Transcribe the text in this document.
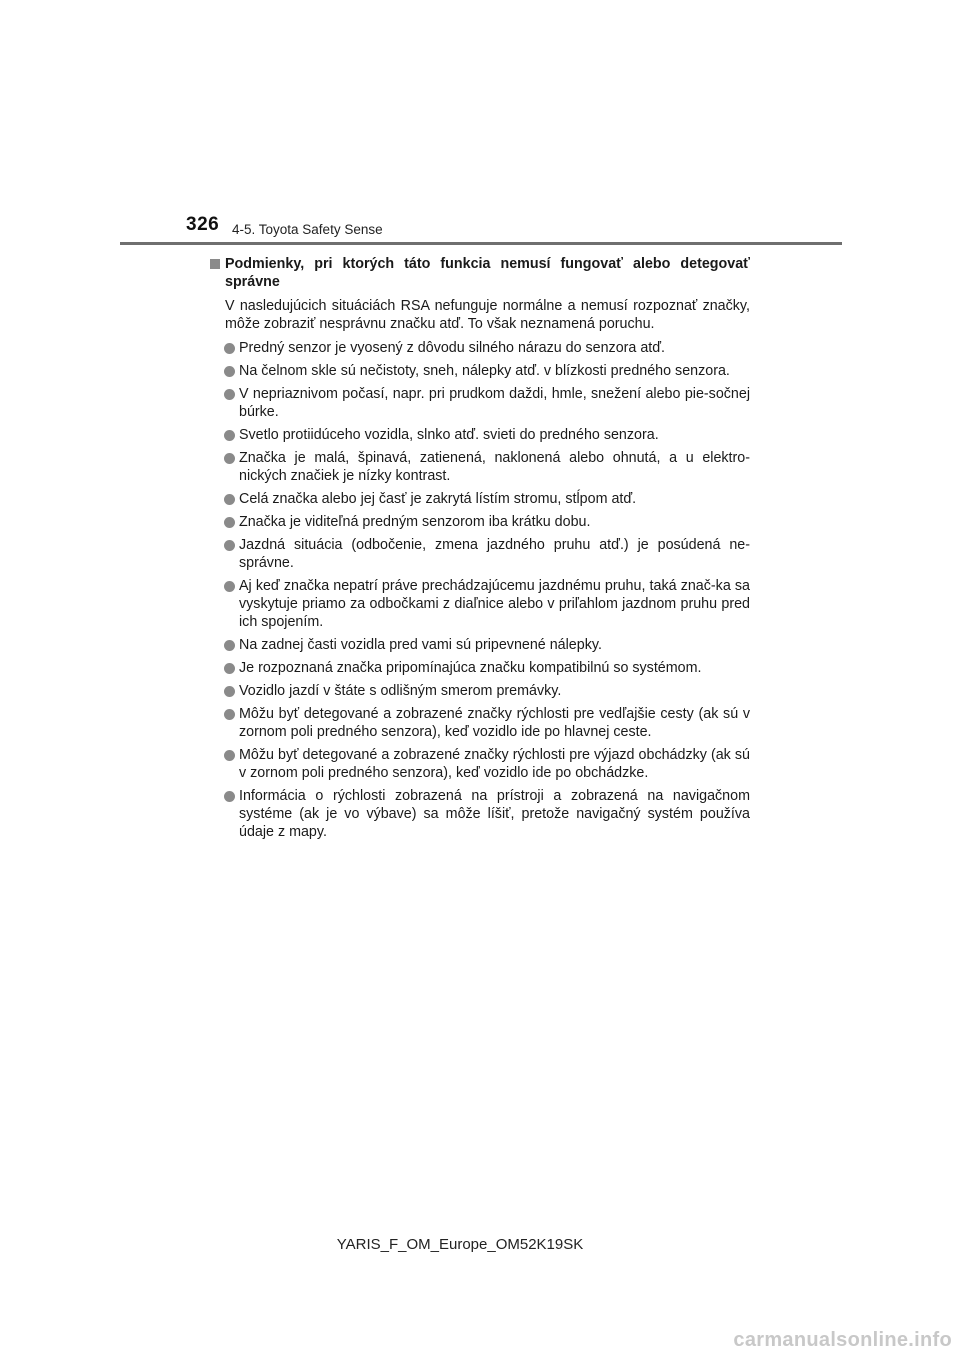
326 4-5. Toyota Safety Sense
Podmienky, pri ktorých táto funkcia nemusí fungovať alebo detegovať správne
V nasledujúcich situáciách RSA nefunguje normálne a nemusí rozpoznať značky, môže zobraziť nesprávnu značku atď. To však neznamená poruchu.
Predný senzor je vyosený z dôvodu silného nárazu do senzora atď.
Na čelnom skle sú nečistoty, sneh, nálepky atď. v blízkosti predného senzora.
V nepriaznivom počasí, napr. pri prudkom daždi, hmle, snežení alebo pie-sočnej búrke.
Svetlo protiidúceho vozidla, slnko atď. svieti do predného senzora.
Značka je malá, špinavá, zatienená, naklonená alebo ohnutá, a u elektro-nických značiek je nízky kontrast.
Celá značka alebo jej časť je zakrytá lístím stromu, stĺpom atď.
Značka je viditeľná predným senzorom iba krátku dobu.
Jazdná situácia (odbočenie, zmena jazdného pruhu atď.) je posúdená ne-správne.
Aj keď značka nepatrí práve prechádzajúcemu jazdnému pruhu, taká znač-ka sa vyskytuje priamo za odbočkami z diaľnice alebo v priľahlom jazdnom pruhu pred ich spojením.
Na zadnej časti vozidla pred vami sú pripevnené nálepky.
Je rozpoznaná značka pripomínajúca značku kompatibilnú so systémom.
Vozidlo jazdí v štáte s odlišným smerom premávky.
Môžu byť detegované a zobrazené značky rýchlosti pre vedľajšie cesty (ak sú v zornom poli predného senzora), keď vozidlo ide po hlavnej ceste.
Môžu byť detegované a zobrazené značky rýchlosti pre výjazd obchádzky (ak sú v zornom poli predného senzora), keď vozidlo ide po obchádzke.
Informácia o rýchlosti zobrazená na prístroji a zobrazená na navigačnom systéme (ak je vo výbave) sa môže líšiť, pretože navigačný systém používa údaje z mapy.
YARIS_F_OM_Europe_OM52K19SK
carmanualsonline.info
